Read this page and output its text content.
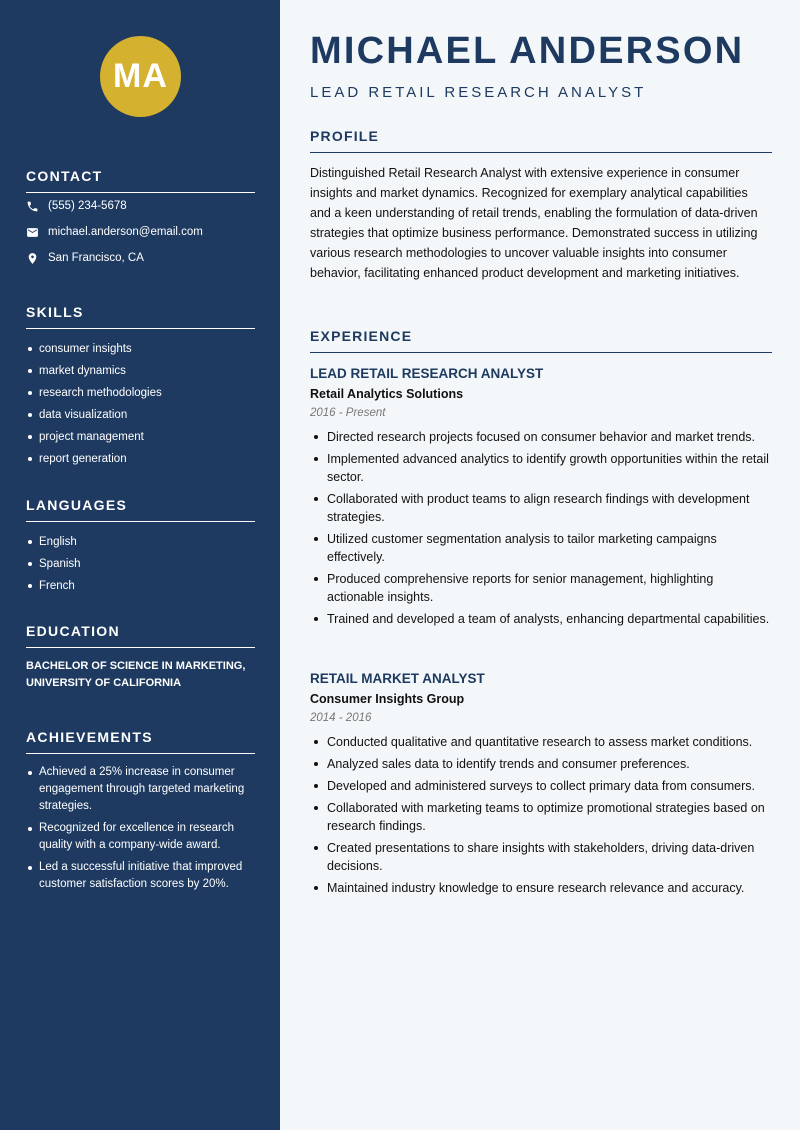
MA
CONTACT
(555) 234-5678
michael.anderson@email.com
San Francisco, CA
SKILLS
consumer insights
market dynamics
research methodologies
data visualization
project management
report generation
LANGUAGES
English
Spanish
French
EDUCATION
BACHELOR OF SCIENCE IN MARKETING, UNIVERSITY OF CALIFORNIA
ACHIEVEMENTS
Achieved a 25% increase in consumer engagement through targeted marketing strategies.
Recognized for excellence in research quality with a company-wide award.
Led a successful initiative that improved customer satisfaction scores by 20%.
MICHAEL ANDERSON
LEAD RETAIL RESEARCH ANALYST
PROFILE
Distinguished Retail Research Analyst with extensive experience in consumer insights and market dynamics. Recognized for exemplary analytical capabilities and a keen understanding of retail trends, enabling the formulation of data-driven strategies that optimize business performance. Demonstrated success in utilizing various research methodologies to uncover valuable insights into consumer behavior, facilitating enhanced product development and marketing initiatives.
EXPERIENCE
LEAD RETAIL RESEARCH ANALYST
Retail Analytics Solutions
2016 - Present
Directed research projects focused on consumer behavior and market trends.
Implemented advanced analytics to identify growth opportunities within the retail sector.
Collaborated with product teams to align research findings with development strategies.
Utilized customer segmentation analysis to tailor marketing campaigns effectively.
Produced comprehensive reports for senior management, highlighting actionable insights.
Trained and developed a team of analysts, enhancing departmental capabilities.
RETAIL MARKET ANALYST
Consumer Insights Group
2014 - 2016
Conducted qualitative and quantitative research to assess market conditions.
Analyzed sales data to identify trends and consumer preferences.
Developed and administered surveys to collect primary data from consumers.
Collaborated with marketing teams to optimize promotional strategies based on research findings.
Created presentations to share insights with stakeholders, driving data-driven decisions.
Maintained industry knowledge to ensure research relevance and accuracy.
